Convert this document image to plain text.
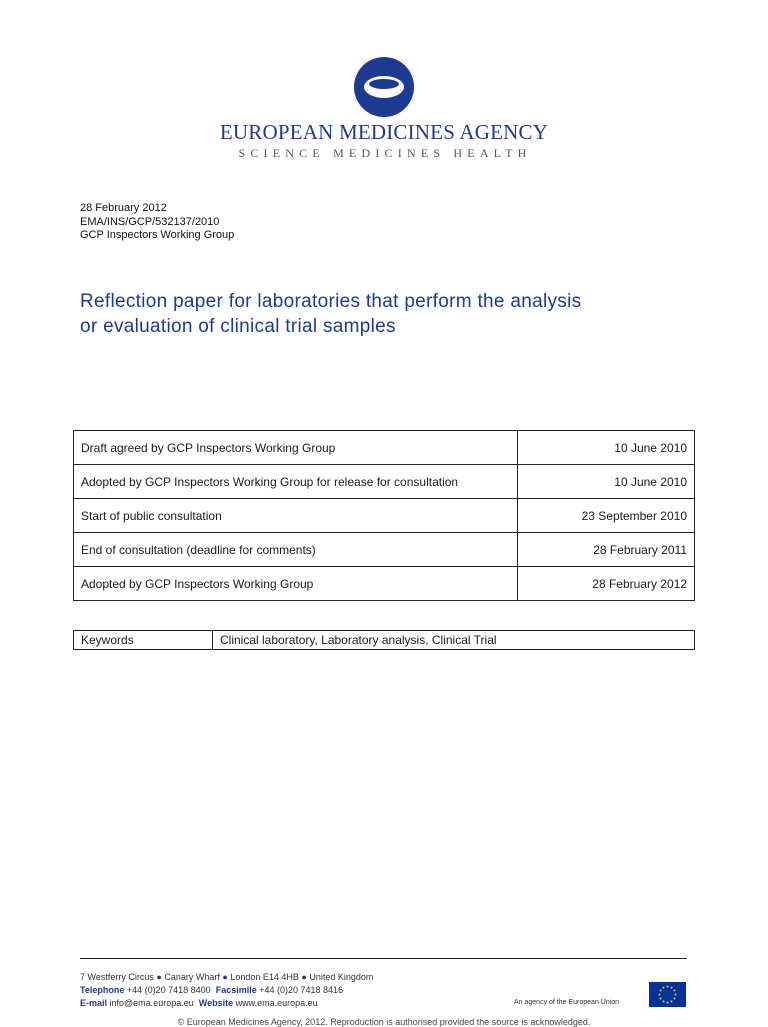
EUROPEAN MEDICINES AGENCY
SCIENCE MEDICINES HEALTH
28 February 2012
EMA/INS/GCP/532137/2010
GCP Inspectors Working Group
Reflection paper for laboratories that perform the analysis
or evaluation of clinical trial samples
Draft agreed by GCP Inspectors Working Group	10 June 2010
Adopted by GCP Inspectors Working Group for release for consultation	10 June 2010
Start of public consultation	23 September 2010
End of consultation (deadline for comments)	28 February 2011
Adopted by GCP Inspectors Working Group	28 February 2012
Keywords	Clinical laboratory, Laboratory analysis, Clinical Trial
7 Westferry Circus ● Canary Wharf ● London E14 4HB ● United Kingdom
Telephone +44 (0)20 7418 8400 Facsimile +44 (0)20 7418 8416
E-mail info@ema.europa.eu Website www.ema.europa.eu	An agency of the European Union
© European Medicines Agency, 2012. Reproduction is authorised provided the source is acknowledged.
